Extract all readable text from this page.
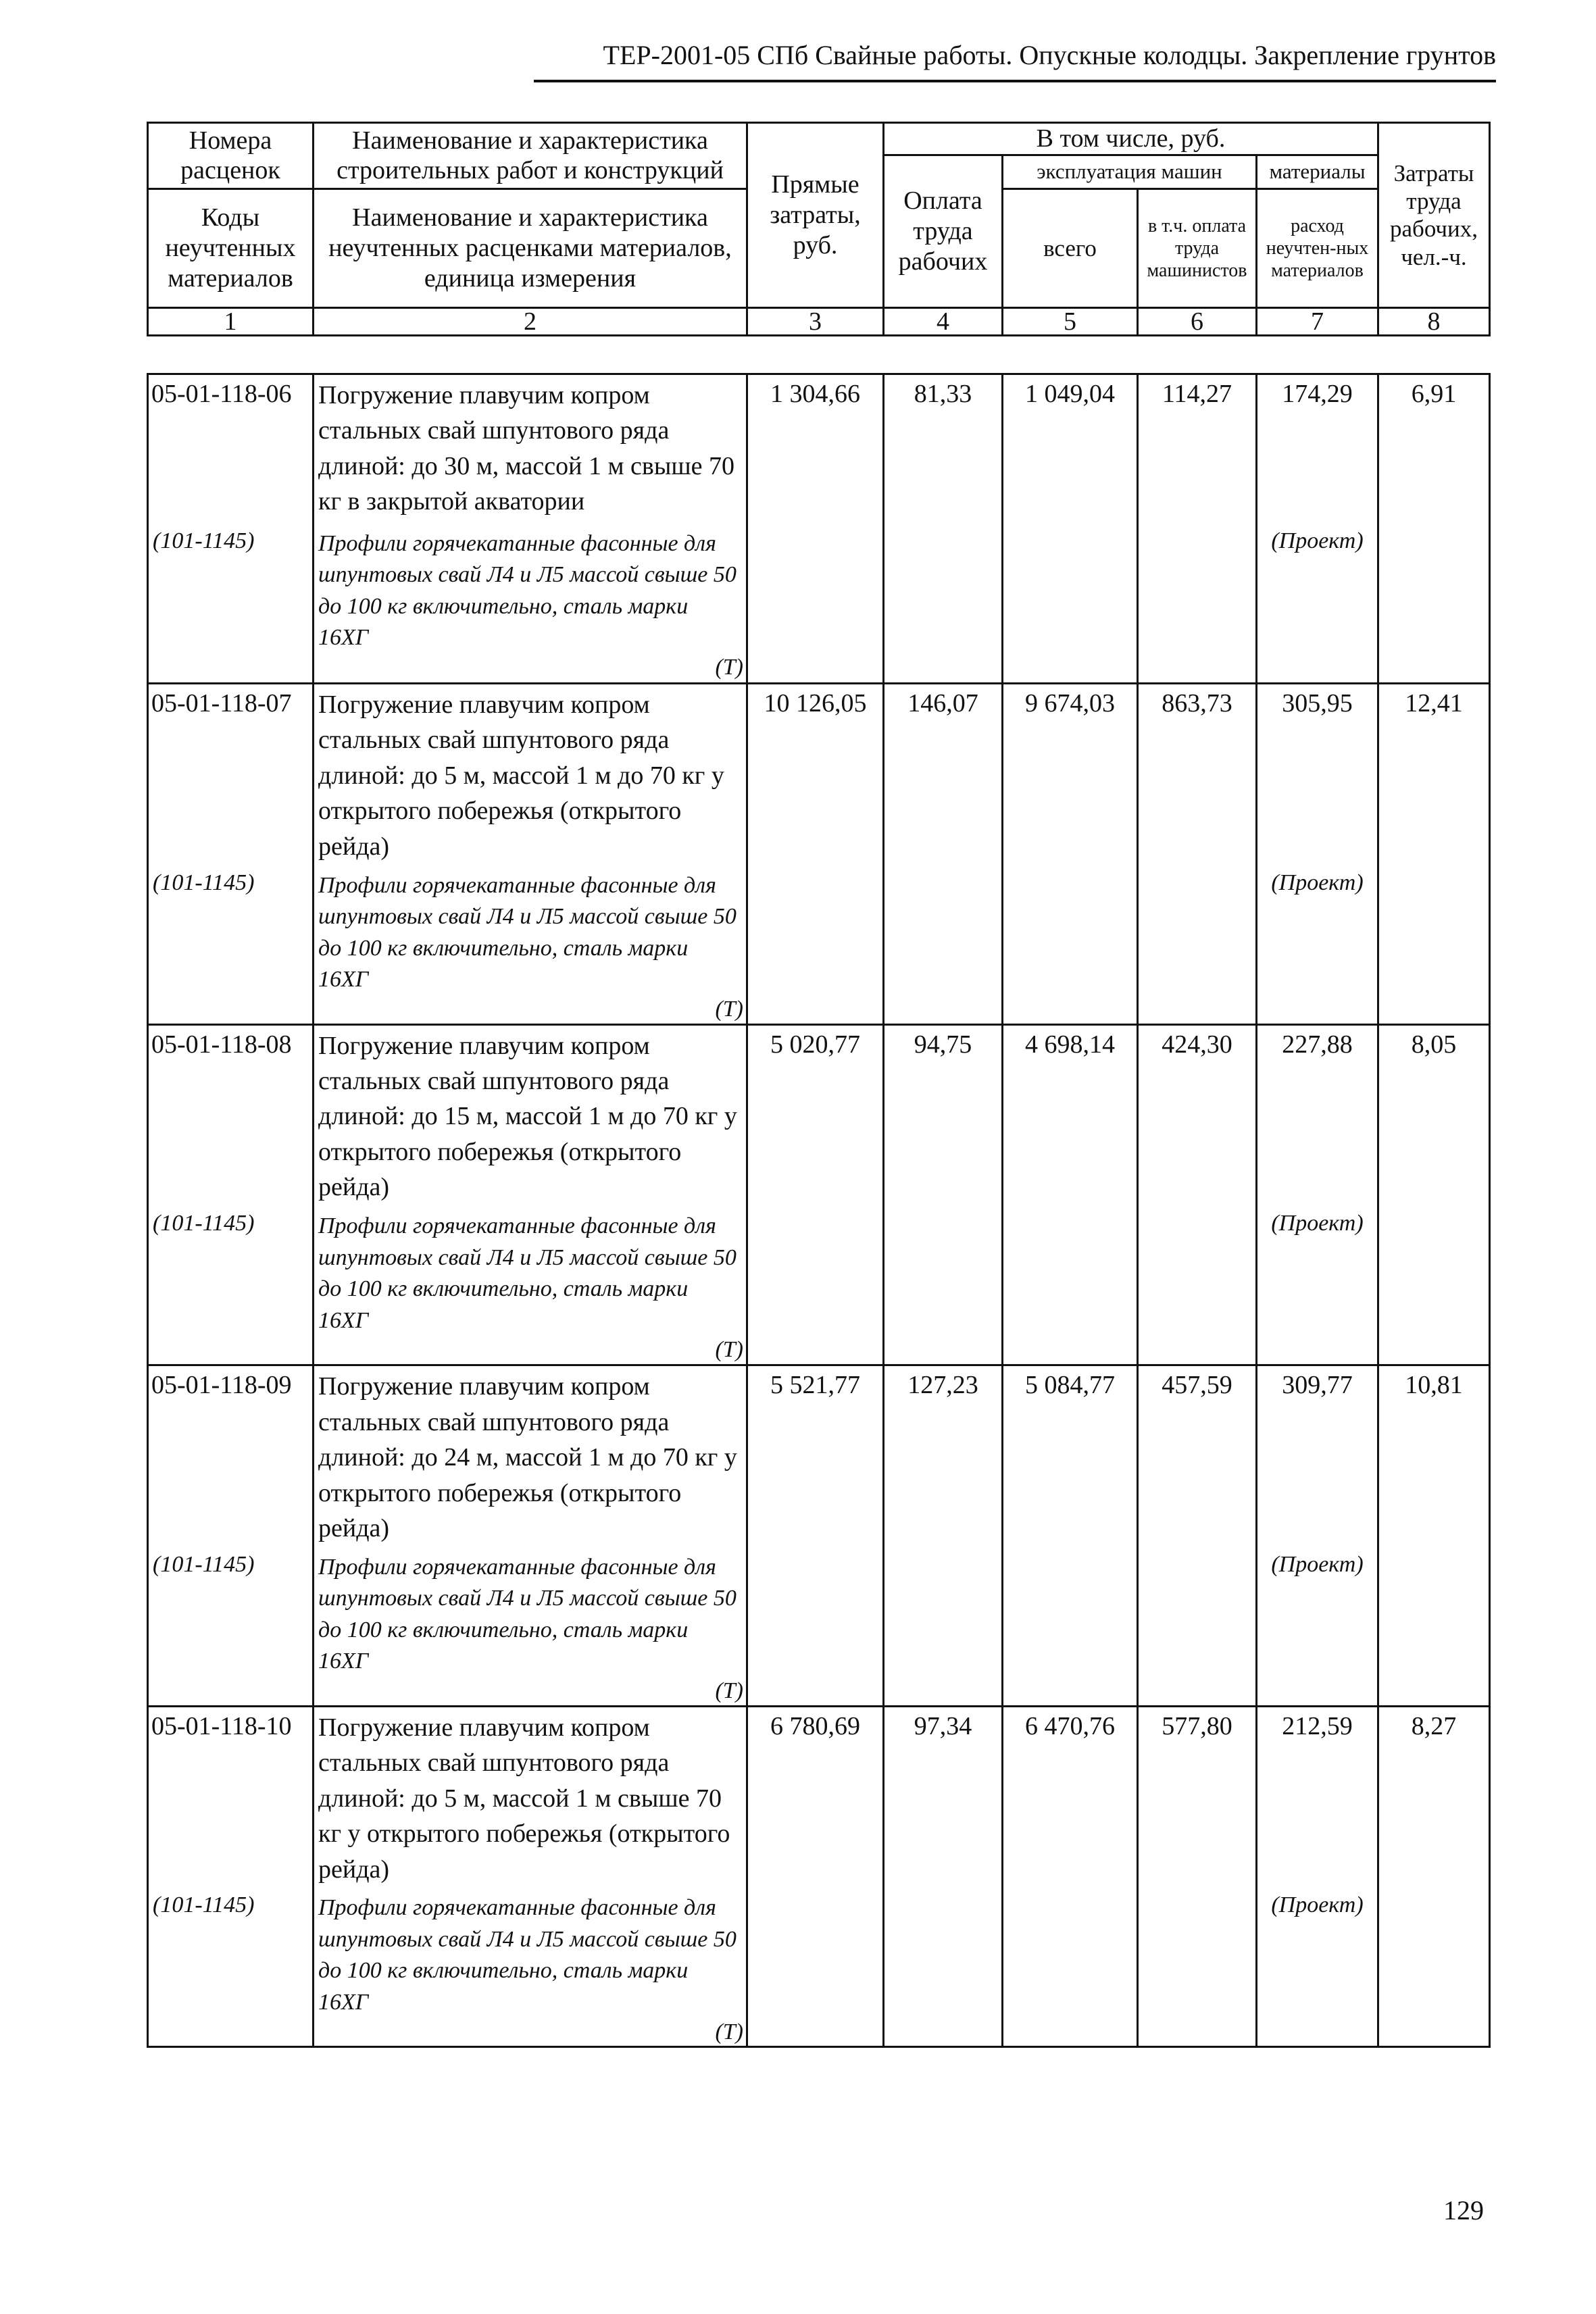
ТЕР-2001-05 СПб Свайные работы. Опускные колодцы. Закрепление грунтов
Номера расценок	Наименование и характеристика строительных работ и конструкций	Прямые затраты, руб.	В том числе, руб.				Затраты труда рабочих, чел.-ч.
			Оплата труда рабочих	эксплуатация машин		материалы	
Коды неучтенных материалов	Наименование и характеристика неучтенных расценками материалов, единица измерения			всего	в т.ч. оплата труда машинистов	расход неучтен-ных материалов	

1	2	3	4	5	6	7	8
05-01-118-06	Погружение плавучим копром стальных свай шпунтового ряда длиной: до 30 м, массой 1 м свыше 70 кг в закрытой акватории	1 304,66	81,33	1 049,04	114,27	174,29	6,91
(101-1145)	Профили горячекатанные фасонные для шпунтовых свай Л4 и Л5 массой свыше 50 до 100 кг включительно, сталь марки 16ХГ
(Т)					(Проект)	
05-01-118-07	Погружение плавучим копром стальных свай шпунтового ряда длиной: до 5 м, массой 1 м до 70 кг у открытого побережья (открытого рейда)	10 126,05	146,07	9 674,03	863,73	305,95	12,41
(101-1145)	Профили горячекатанные фасонные для шпунтовых свай Л4 и Л5 массой свыше 50 до 100 кг включительно, сталь марки 16ХГ
(Т)					(Проект)	
05-01-118-08	Погружение плавучим копром стальных свай шпунтового ряда длиной: до 15 м, массой 1 м до 70 кг у открытого побережья (открытого рейда)	5 020,77	94,75	4 698,14	424,30	227,88	8,05
(101-1145)	Профили горячекатанные фасонные для шпунтовых свай Л4 и Л5 массой свыше 50 до 100 кг включительно, сталь марки 16ХГ
(Т)					(Проект)	
05-01-118-09	Погружение плавучим копром стальных свай шпунтового ряда длиной: до 24 м, массой 1 м до 70 кг у открытого побережья (открытого рейда)	5 521,77	127,23	5 084,77	457,59	309,77	10,81
(101-1145)	Профили горячекатанные фасонные для шпунтовых свай Л4 и Л5 массой свыше 50 до 100 кг включительно, сталь марки 16ХГ
(Т)					(Проект)	
05-01-118-10	Погружение плавучим копром стальных свай шпунтового ряда длиной: до 5 м, массой 1 м свыше 70 кг у открытого побережья (открытого рейда)	6 780,69	97,34	6 470,76	577,80	212,59	8,27
(101-1145)	Профили горячекатанные фасонные для шпунтовых свай Л4 и Л5 массой свыше 50 до 100 кг включительно, сталь марки 16ХГ
(Т)					(Проект)	
129
